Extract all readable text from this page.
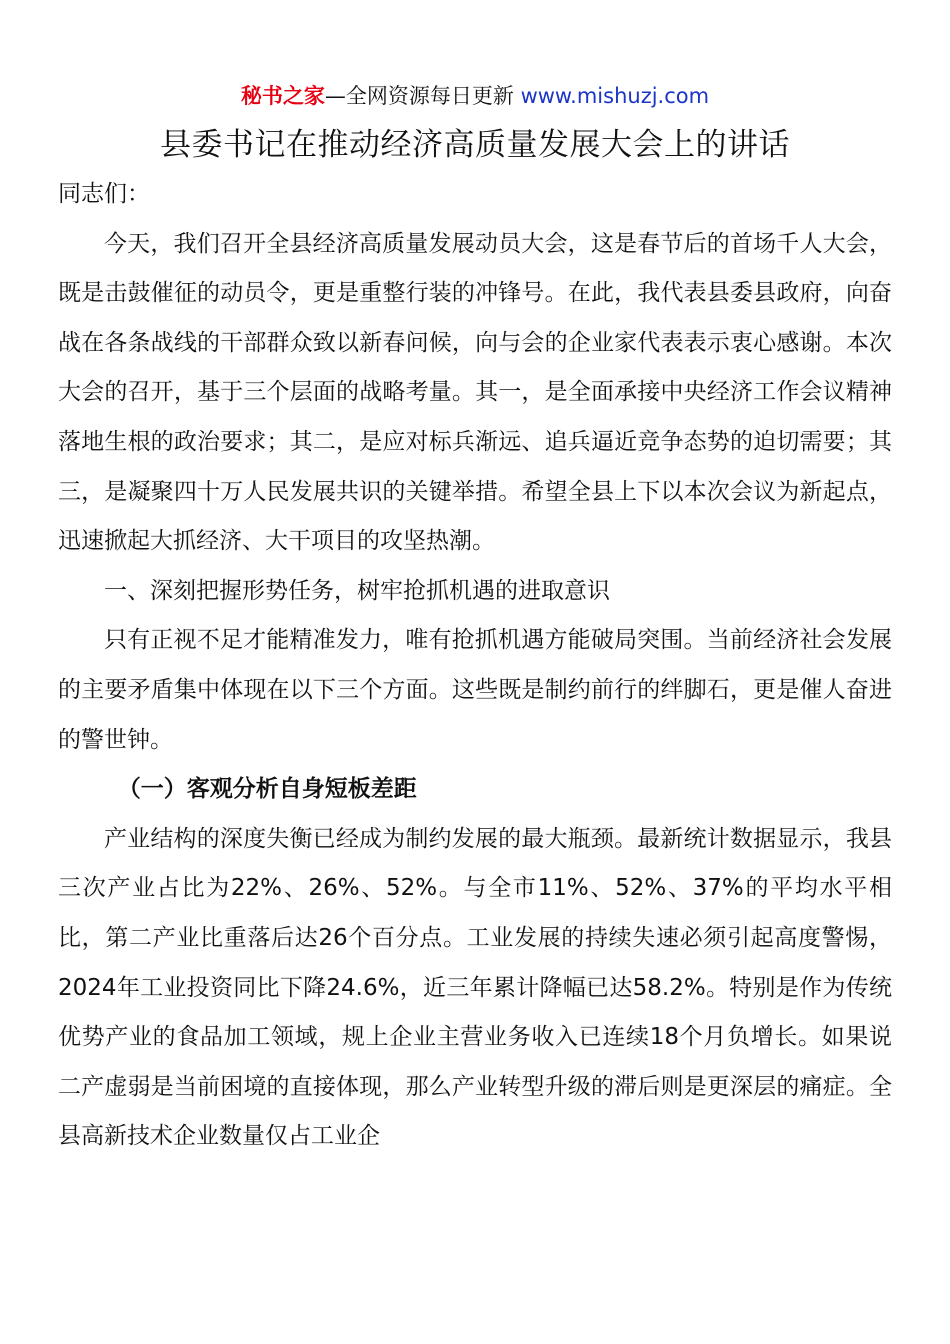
秘书之家—全网资源每日更新 www.mishuzj.com
县委书记在推动经济高质量发展大会上的讲话

同志们：

今天，我们召开全县经济高质量发展动员大会，这是春节后的首场千人大会，既是击鼓催征的动员令，更是重整行装的冲锋号。在此，我代表县委县政府，向奋战在各条战线的干部群众致以新春问候，向与会的企业家代表表示衷心感谢。本次大会的召开，基于三个层面的战略考量。其一，是全面承接中央经济工作会议精神落地生根的政治要求；其二，是应对标兵渐远、追兵逼近竞争态势的迫切需要；其三，是凝聚四十万人民发展共识的关键举措。希望全县上下以本次会议为新起点，迅速掀起大抓经济、大干项目的攻坚热潮。

一、深刻把握形势任务，树牢抢抓机遇的进取意识

只有正视不足才能精准发力，唯有抢抓机遇方能破局突围。当前经济社会发展的主要矛盾集中体现在以下三个方面。这些既是制约前行的绊脚石，更是催人奋进的警世钟。

（一）客观分析自身短板差距

产业结构的深度失衡已经成为制约发展的最大瓶颈。最新统计数据显示，我县三次产业占比为22%、26%、52%。与全市11%、52%、37%的平均水平相比，第二产业比重落后达26个百分点。工业发展的持续失速必须引起高度警惕，2024年工业投资同比下降24.6%，近三年累计降幅已达58.2%。特别是作为传统优势产业的食品加工领域，规上企业主营业务收入已连续18个月负增长。如果说二产虚弱是当前困境的直接体现，那么产业转型升级的滞后则是更深层的痛症。全县高新技术企业数量仅占工业企
